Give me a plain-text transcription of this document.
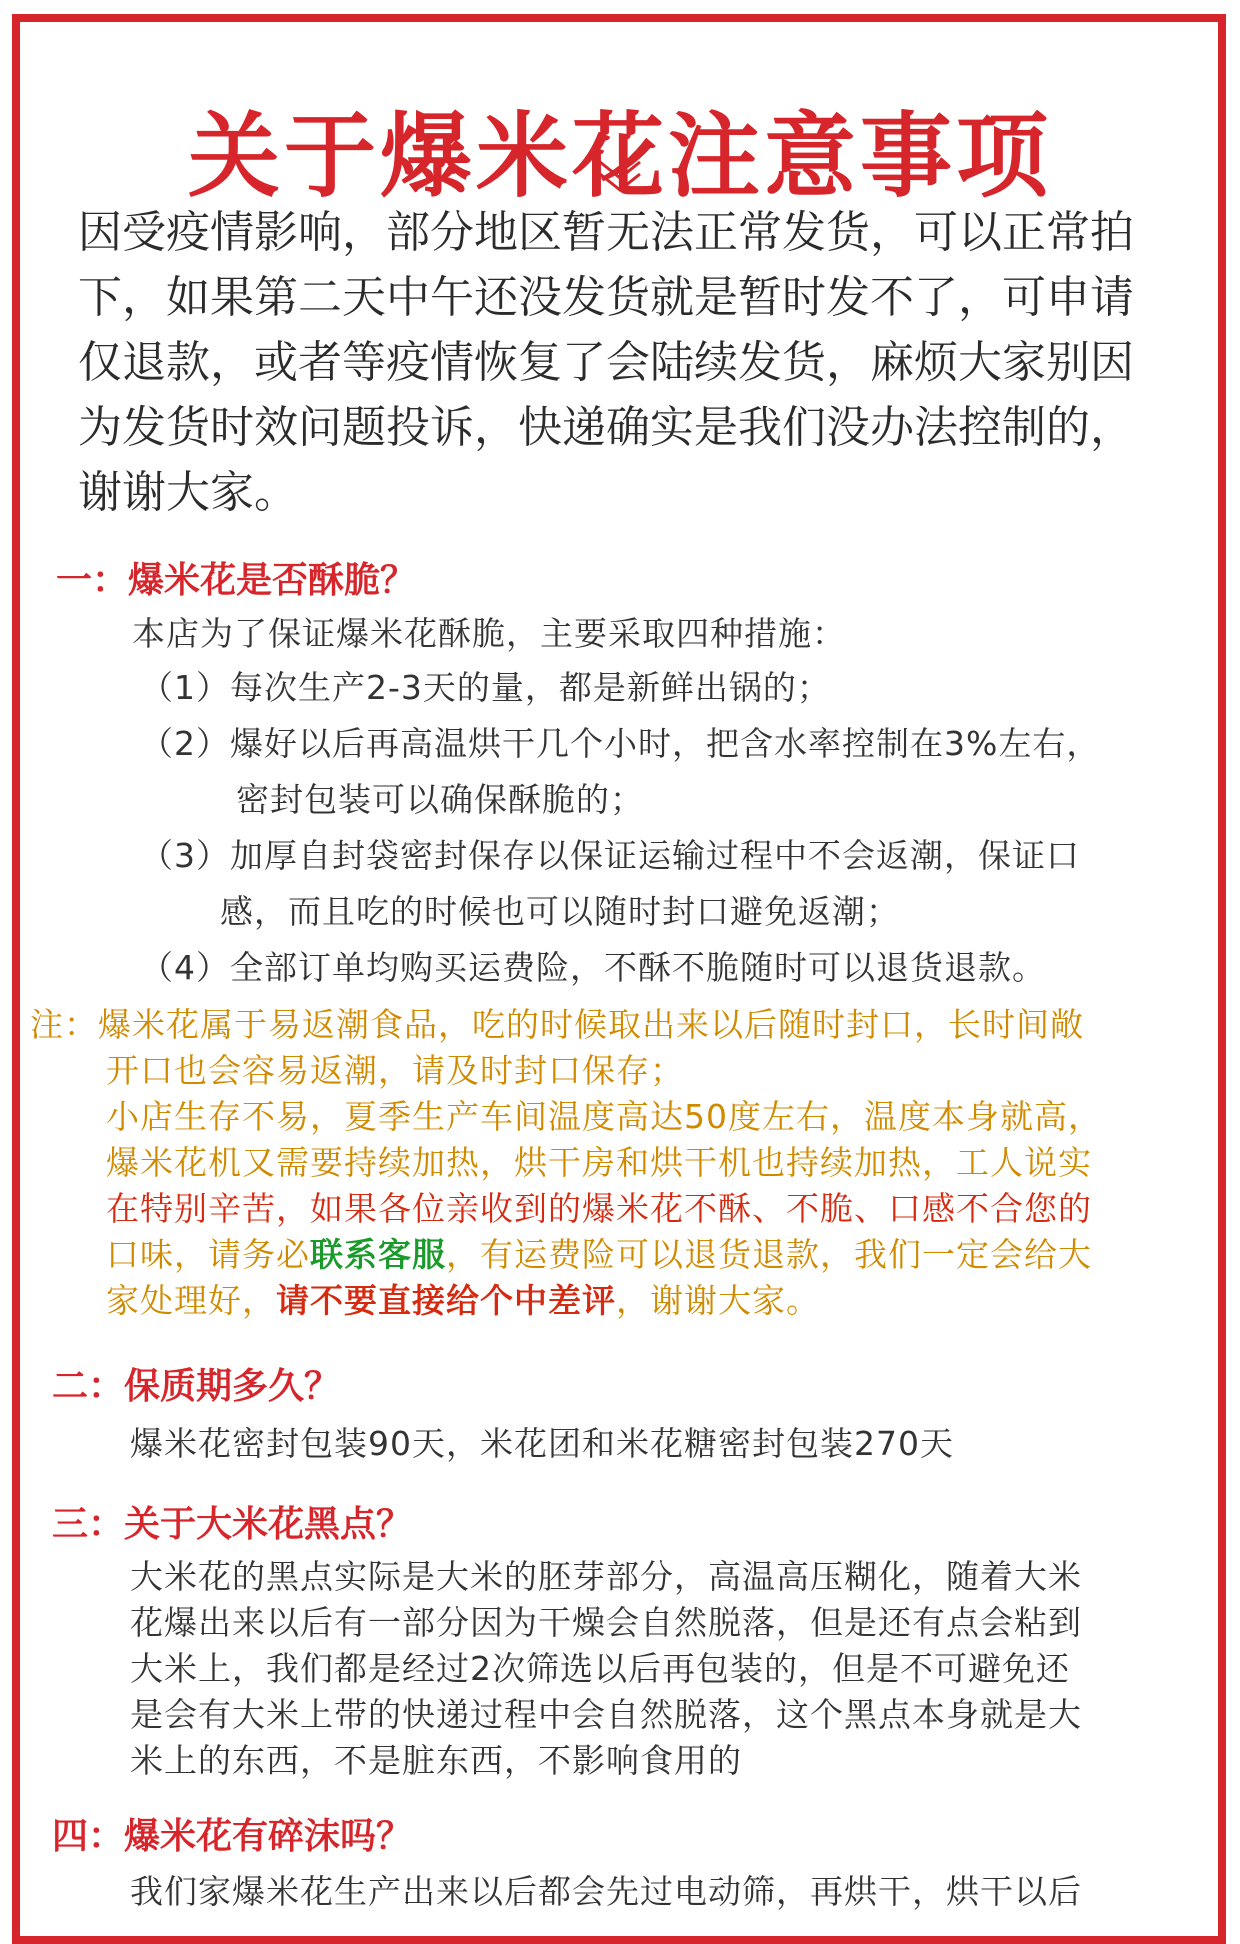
关于爆米花注意事项

因受疫情影响，部分地区暂无法正常发货，可以正常拍下，如果第二天中午还没发货就是暂时发不了，可申请仅退款，或者等疫情恢复了会陆续发货，麻烦大家别因为发货时效问题投诉，快递确实是我们没办法控制的，谢谢大家。

一：爆米花是否酥脆？

本店为了保证爆米花酥脆，主要采取四种措施：

（1）每次生产2-3天的量，都是新鲜出锅的；
（2）爆好以后再高温烘干几个小时，把含水率控制在3%左右，
密封包装可以确保酥脆的；
（3）加厚自封袋密封保存以保证运输过程中不会返潮，保证口
感，而且吃的时候也可以随时封口避免返潮；
（4）全部订单均购买运费险，不酥不脆随时可以退货退款。
注：爆米花属于易返潮食品，吃的时候取出来以后随时封口，长时间敞
开口也会容易返潮，请及时封口保存；
小店生存不易，夏季生产车间温度高达50度左右，温度本身就高，
爆米花机又需要持续加热，烘干房和烘干机也持续加热，工人说实
在特别辛苦，如果各位亲收到的爆米花不酥、不脆、口感不合您的
口味，请务必联系客服，有运费险可以退货退款，我们一定会给大
家处理好，请不要直接给个中差评，谢谢大家。
二：保质期多久？

爆米花密封包装90天，米花团和米花糖密封包装270天

三：关于大米花黑点？
大米花的黑点实际是大米的胚芽部分，高温高压糊化，随着大米
花爆出来以后有一部分因为干燥会自然脱落，但是还有点会粘到
大米上，我们都是经过2次筛选以后再包装的，但是不可避免还
是会有大米上带的快递过程中会自然脱落，这个黑点本身就是大
米上的东西，不是脏东西，不影响食用的
四：爆米花有碎沫吗？

我们家爆米花生产出来以后都会先过电动筛，再烘干，烘干以后
